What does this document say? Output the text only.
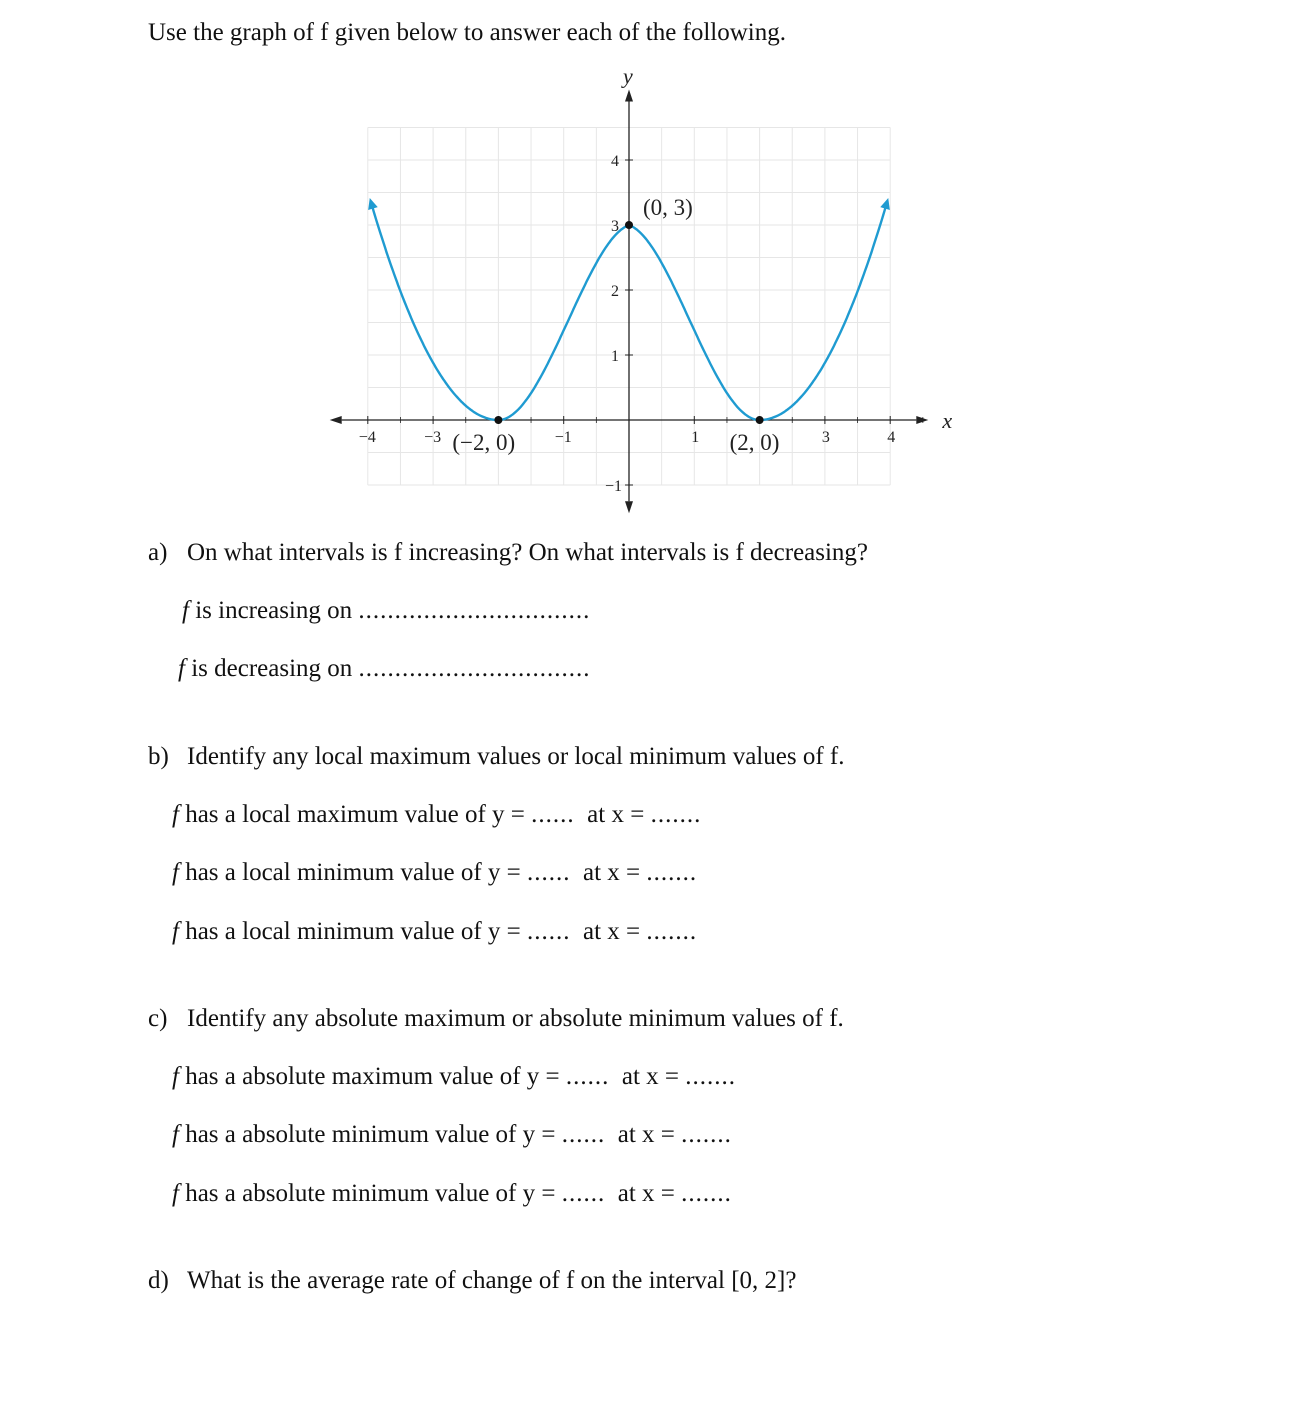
Use the graph of f given below to answer each of the following.
x
y
−4	−3	−1	1	3	4
4
3
2
1
−1
(−2, 0)
(0, 3)
(2, 0)
a) On what intervals is f increasing? On what intervals is f decreasing?
f is increasing on ................................
f is decreasing on ................................
b) Identify any local maximum values or local minimum values of f.
f has a local maximum value of y = ...... at x = .......
f has a local minimum value of y = ...... at x = .......
f has a local minimum value of y = ...... at x = .......
c) Identify any absolute maximum or absolute minimum values of f.
f has a absolute maximum value of y = ...... at x = .......
f has a absolute minimum value of y = ...... at x = .......
f has a absolute minimum value of y = ...... at x = .......
d) What is the average rate of change of f on the interval [0, 2]?
